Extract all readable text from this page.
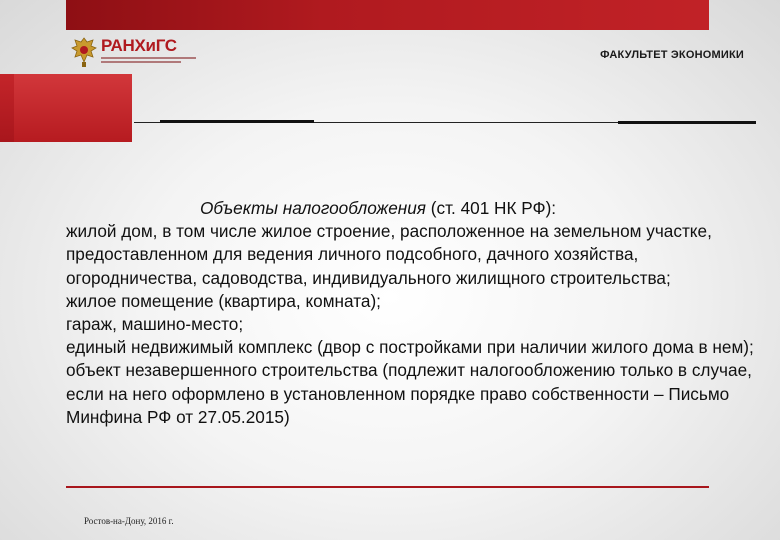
РАНХиГС	ФАКУЛЬТЕТ ЭКОНОМИКИ

Объекты налогообложения (ст. 401 НК РФ):

жилой дом, в том числе жилое строение, расположенное на земельном участке, предоставленном для ведения личного подсобного, дачного хозяйства, огородничества, садоводства, индивидуального жилищного строительства;

жилое помещение (квартира, комната);

гараж, машино-место;

единый недвижимый комплекс (двор с постройками при наличии жилого дома в нем);

объект незавершенного строительства (подлежит налогообложению только в случае, если на него оформлено в установленном порядке право собственности – Письмо Минфина РФ от 27.05.2015)

Ростов-на-Дону, 2016 г.
